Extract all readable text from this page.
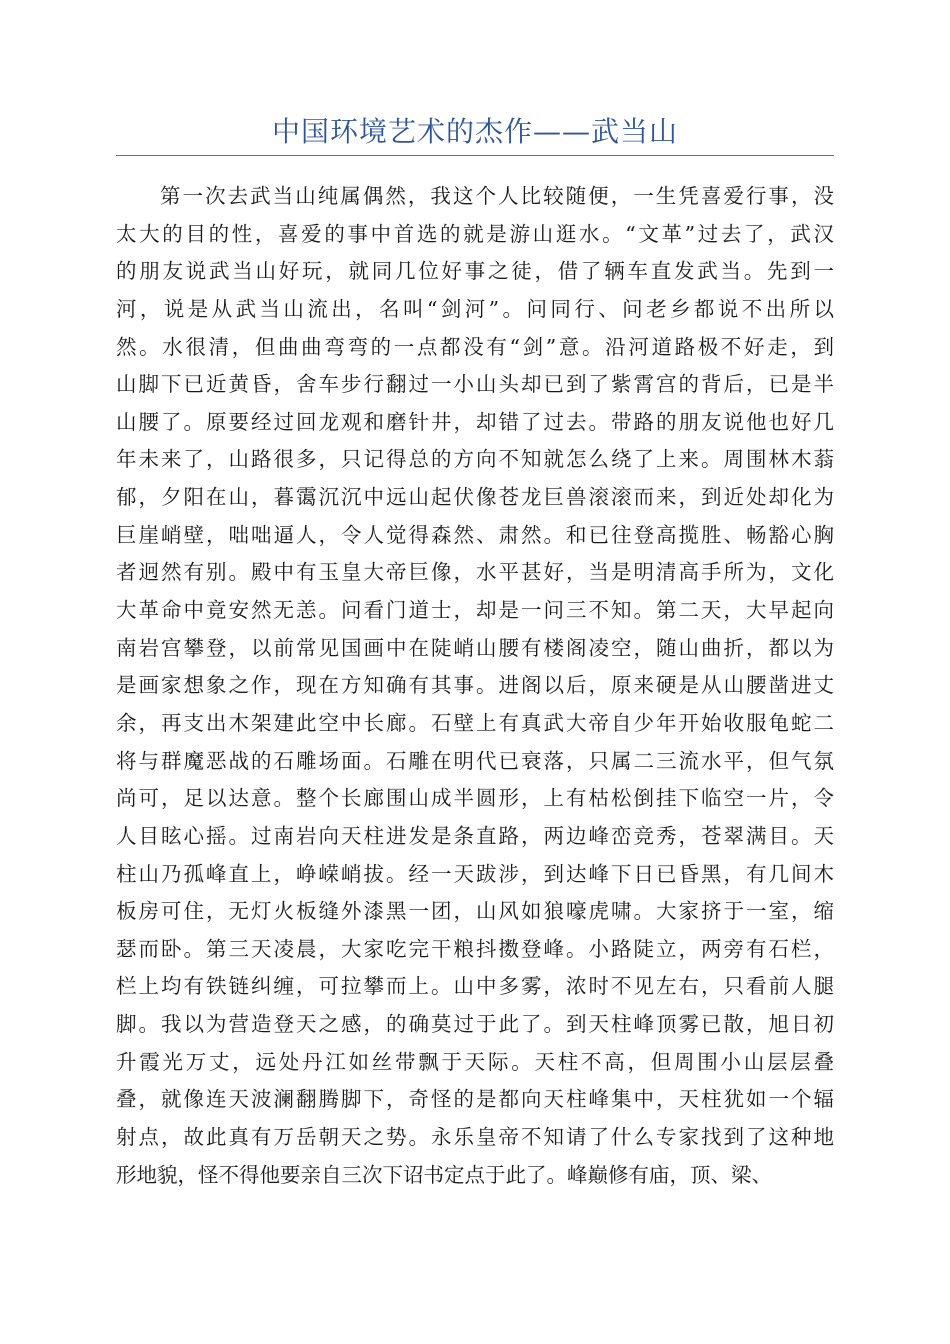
中国环境艺术的杰作——武当山
第一次去武当山纯属偶然，我这个人比较随便，一生凭喜爱行事，没
太大的目的性，喜爱的事中首选的就是游山逛水。“文革”过去了，武汉
的朋友说武当山好玩，就同几位好事之徒，借了辆车直发武当。先到一
河，说是从武当山流出，名叫“剑河”。问同行、问老乡都说不出所以
然。水很清，但曲曲弯弯的一点都没有“剑”意。沿河道路极不好走，到
山脚下已近黄昏，舍车步行翻过一小山头却已到了紫霄宫的背后，已是半
山腰了。原要经过回龙观和磨针井，却错了过去。带路的朋友说他也好几
年未来了，山路很多，只记得总的方向不知就怎么绕了上来。周围林木蓊
郁，夕阳在山，暮霭沉沉中远山起伏像苍龙巨兽滚滚而来，到近处却化为
巨崖峭壁，咄咄逼人，令人觉得森然、肃然。和已往登高揽胜、畅豁心胸
者迥然有别。殿中有玉皇大帝巨像，水平甚好，当是明清高手所为，文化
大革命中竟安然无恙。问看门道士，却是一问三不知。第二天，大早起向
南岩宫攀登，以前常见国画中在陡峭山腰有楼阁凌空，随山曲折，都以为
是画家想象之作，现在方知确有其事。进阁以后，原来硬是从山腰凿进丈
余，再支出木架建此空中长廊。石壁上有真武大帝自少年开始收服龟蛇二
将与群魔恶战的石雕场面。石雕在明代已衰落，只属二三流水平，但气氛
尚可，足以达意。整个长廊围山成半圆形，上有枯松倒挂下临空一片，令
人目眩心摇。过南岩向天柱进发是条直路，两边峰峦竞秀，苍翠满目。天
柱山乃孤峰直上，峥嵘峭拔。经一天跋涉，到达峰下日已昏黑，有几间木
板房可住，无灯火板缝外漆黑一团，山风如狼嚎虎啸。大家挤于一室，缩
瑟而卧。第三天凌晨，大家吃完干粮抖擞登峰。小路陡立，两旁有石栏，
栏上均有铁链纠缠，可拉攀而上。山中多雾，浓时不见左右，只看前人腿
脚。我以为营造登天之感，的确莫过于此了。到天柱峰顶雾已散，旭日初
升霞光万丈，远处丹江如丝带飘于天际。天柱不高，但周围小山层层叠
叠，就像连天波澜翻腾脚下，奇怪的是都向天柱峰集中，天柱犹如一个辐
射点，故此真有万岳朝天之势。永乐皇帝不知请了什么专家找到了这种地
形地貌，怪不得他要亲自三次下诏书定点于此了。峰巅修有庙，顶、梁、
